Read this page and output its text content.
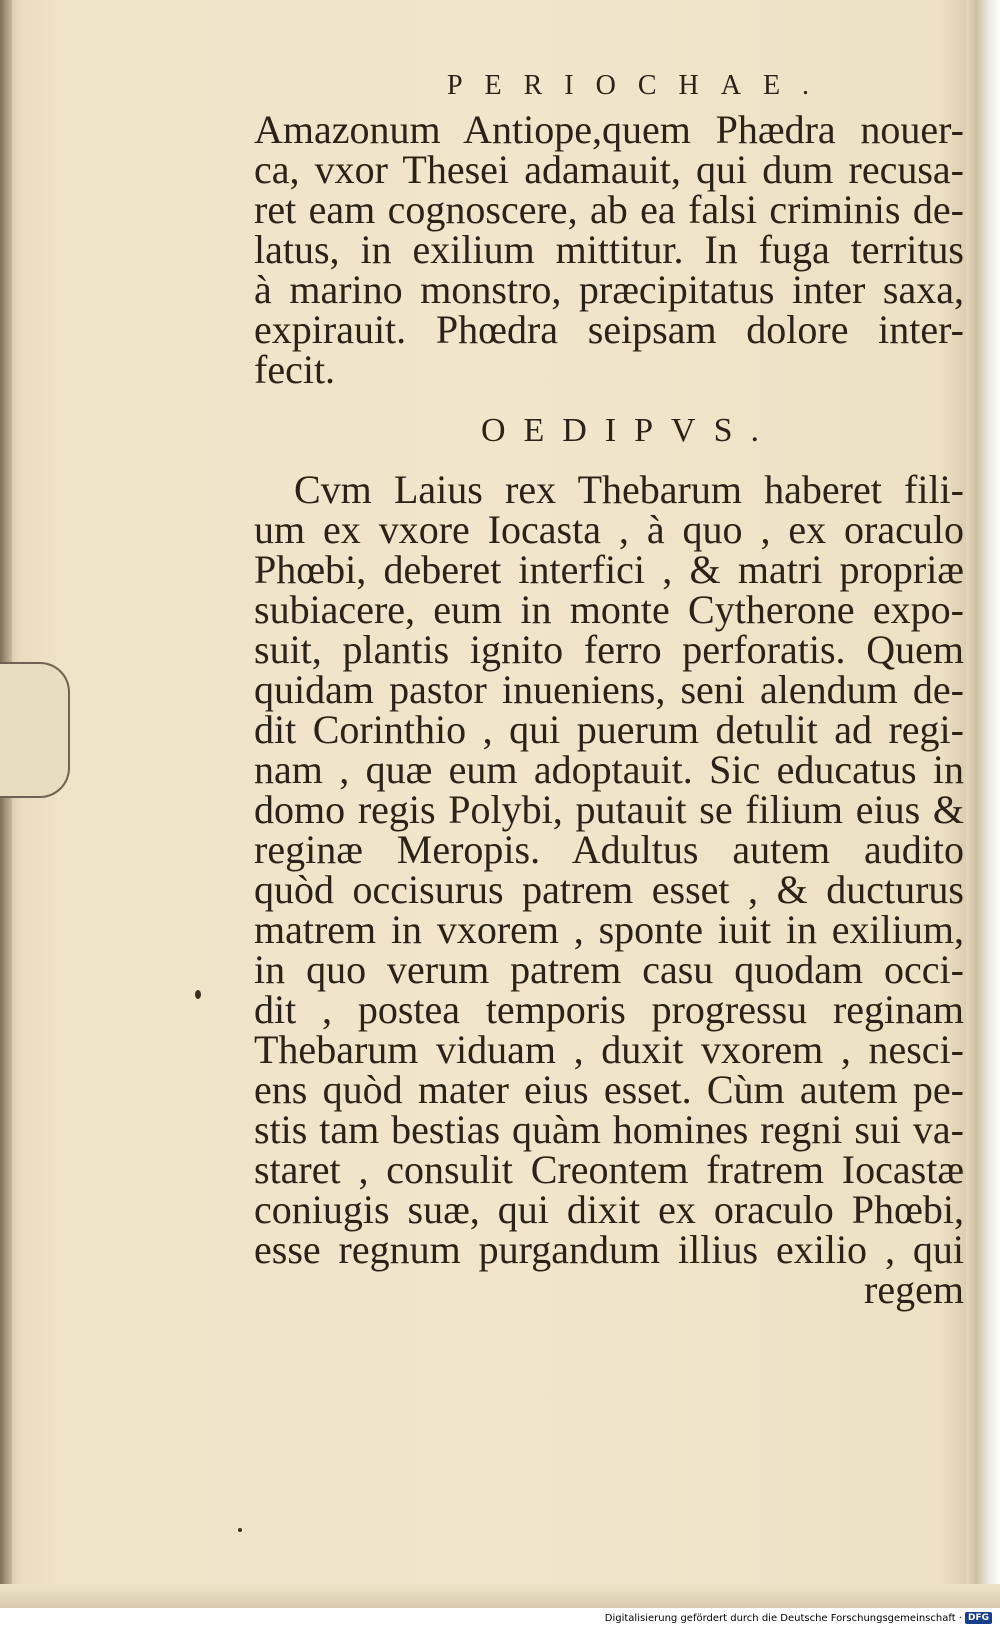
PERIOCHAE.
Amazonum Antiope,quem Phædra nouer-
ca, vxor Thesei adamauit, qui dum recusa-
ret eam cognoscere, ab ea falsi criminis de-
latus, in exilium mittitur. In fuga territus
à marino monstro, præcipitatus inter saxa,
expirauit. Phœdra seipsam dolore inter-
fecit.
OEDIPVS.
Cvm Laius rex Thebarum haberet fili-
um ex vxore Iocasta , à quo , ex oraculo
Phœbi, deberet interfici , & matri propriæ
subiacere, eum in monte Cytherone expo-
suit, plantis ignito ferro perforatis. Quem
quidam pastor inueniens, seni alendum de-
dit Corinthio , qui puerum detulit ad regi-
nam , quæ eum adoptauit. Sic educatus in
domo regis Polybi, putauit se filium eius &
reginæ Meropis. Adultus autem audito
quòd occisurus patrem esset , & ducturus
matrem in vxorem , sponte iuit in exilium,
in quo verum patrem casu quodam occi-
dit , postea temporis progressu reginam
Thebarum viduam , duxit vxorem , nesci-
ens quòd mater eius esset. Cùm autem pe-
stis tam bestias quàm homines regni sui va-
staret , consulit Creontem fratrem Iocastæ
coniugis suæ, qui dixit ex oraculo Phœbi,
esse regnum purgandum illius exilio , qui
regem
Digitalisierung gefördert durch die Deutsche Forschungsgemeinschaft · DFG
